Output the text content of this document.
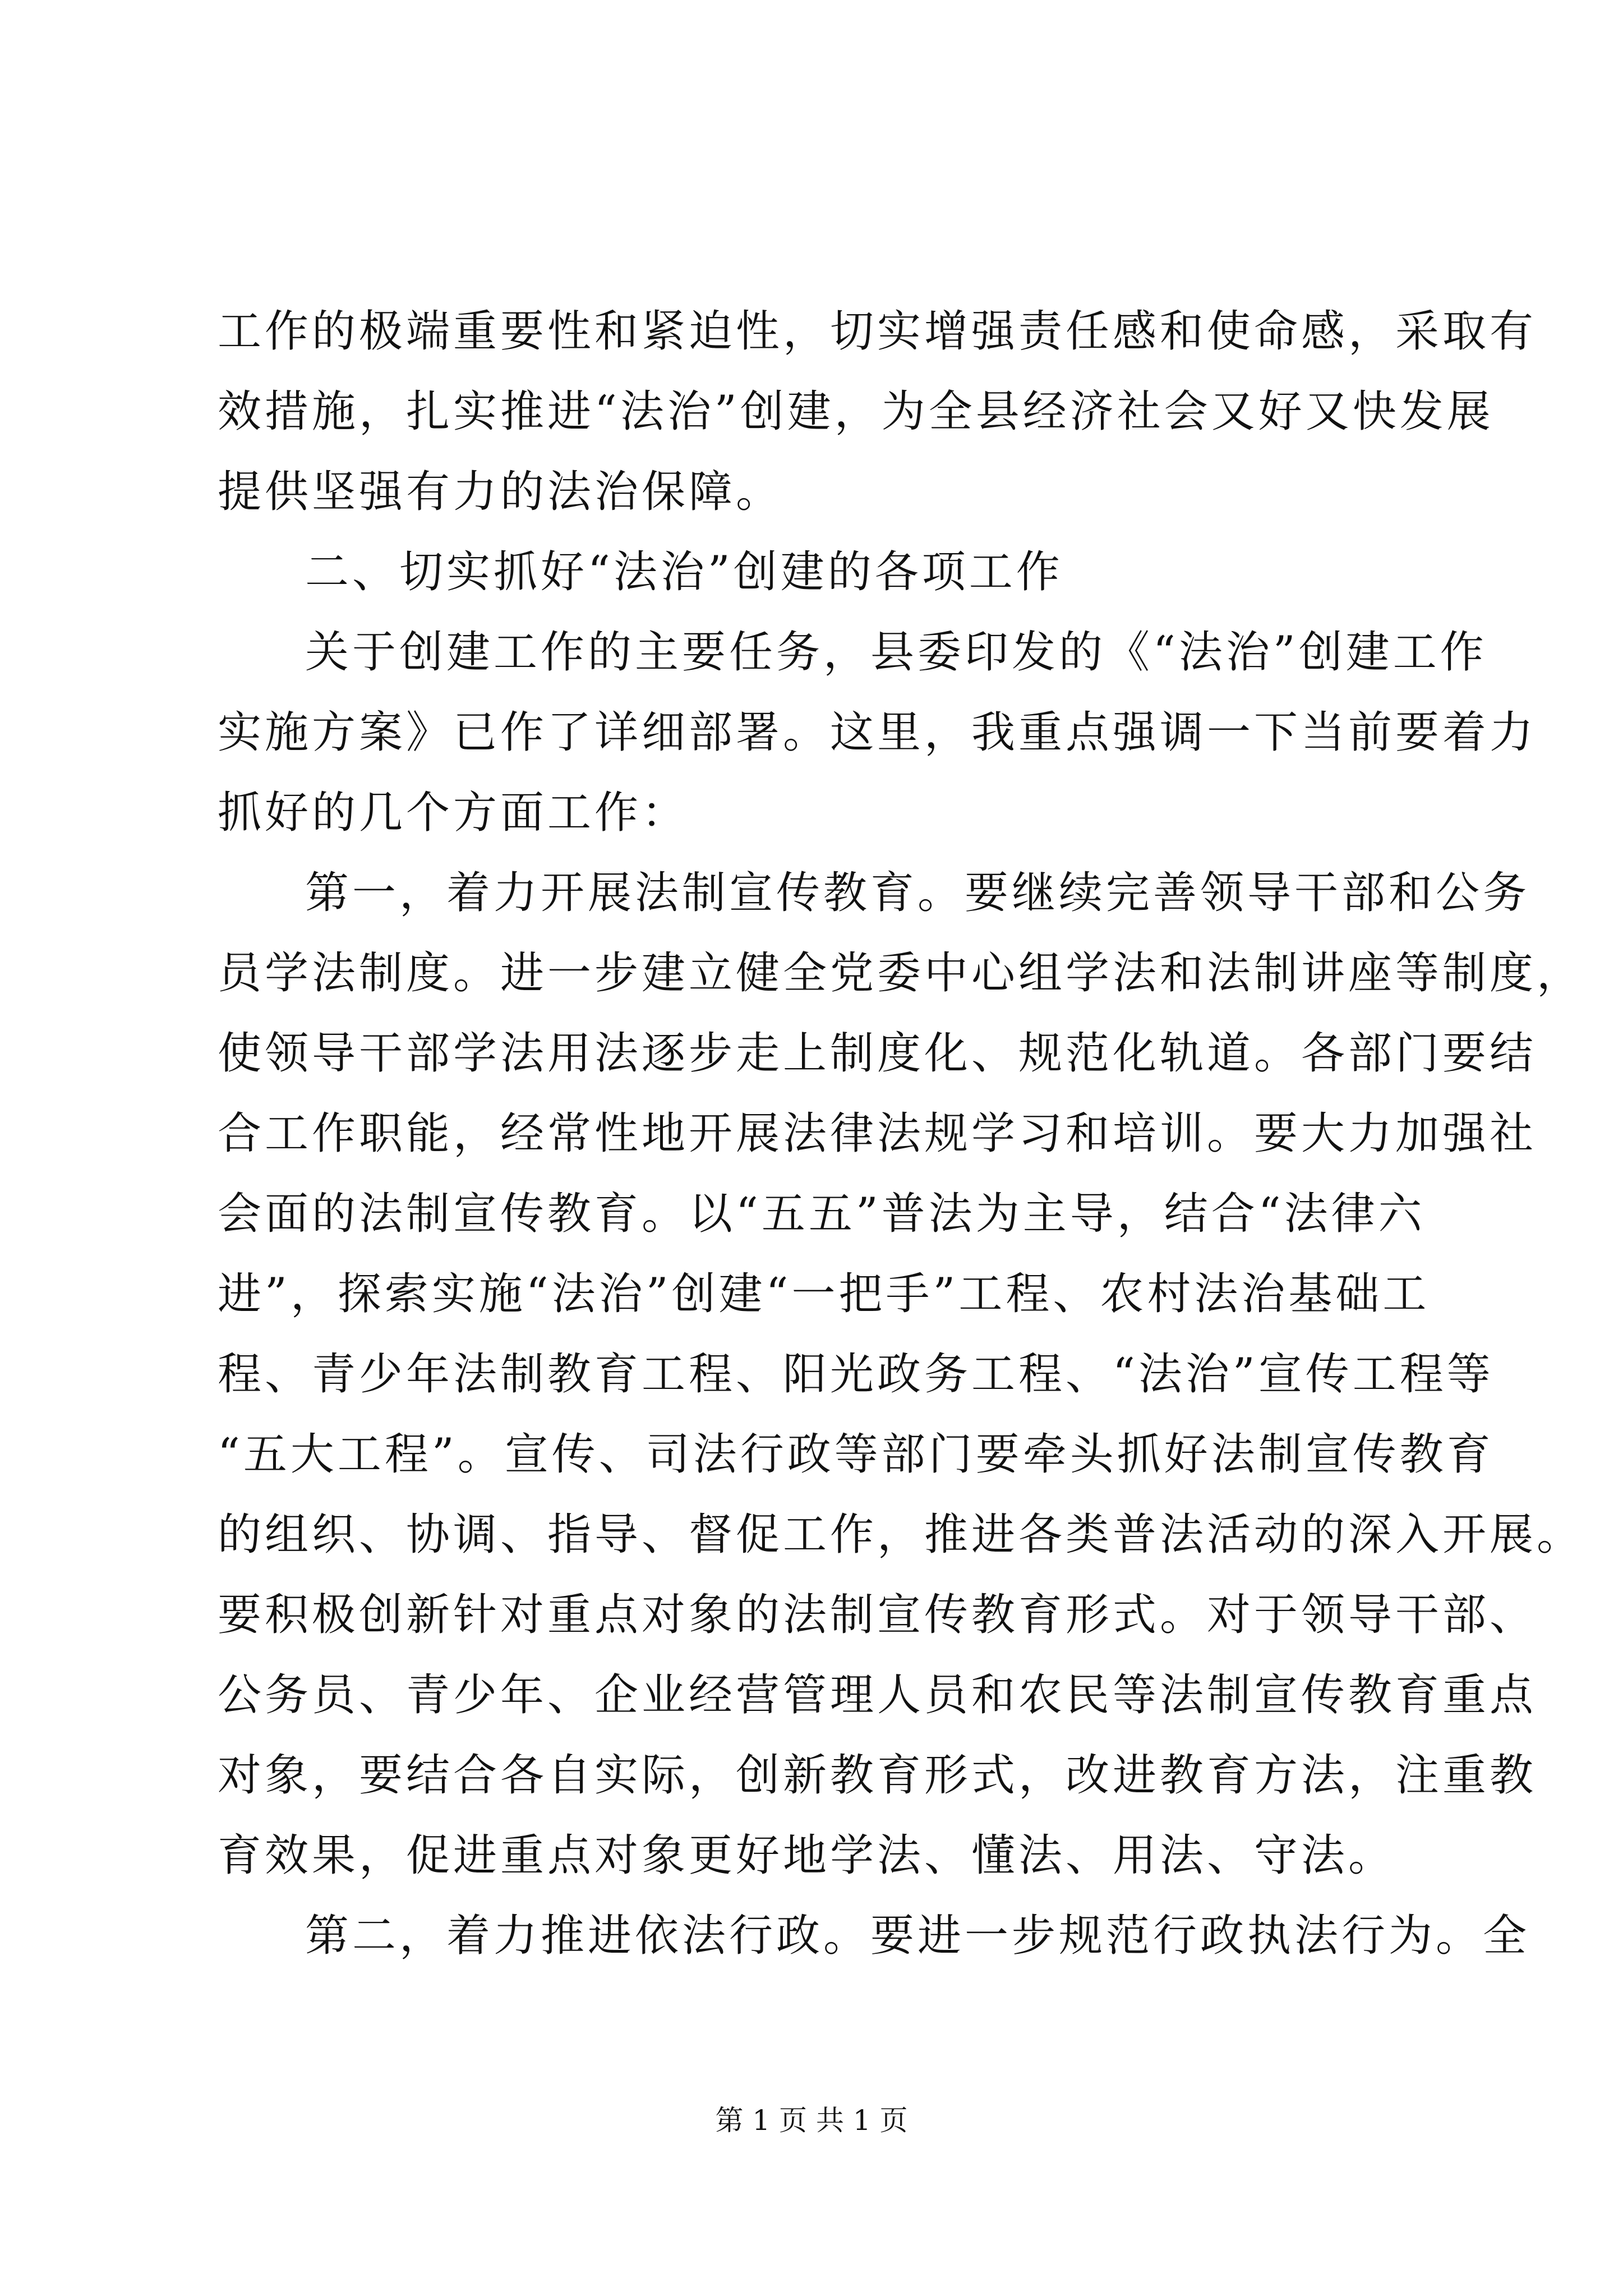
工作的极端重要性和紧迫性，切实增强责任感和使命感，采取有
效措施，扎实推进“法治”创建，为全县经济社会又好又快发展
提供坚强有力的法治保障。
二、切实抓好“法治”创建的各项工作
关于创建工作的主要任务，县委印发的《“法治”创建工作
实施方案》已作了详细部署。这里，我重点强调一下当前要着力
抓好的几个方面工作：
第一，着力开展法制宣传教育。要继续完善领导干部和公务
员学法制度。进一步建立健全党委中心组学法和法制讲座等制度，
使领导干部学法用法逐步走上制度化、规范化轨道。各部门要结
合工作职能，经常性地开展法律法规学习和培训。要大力加强社
会面的法制宣传教育。以“五五”普法为主导，结合“法律六
进”，探索实施“法治”创建“一把手”工程、农村法治基础工
程、青少年法制教育工程、阳光政务工程、“法治”宣传工程等
“五大工程”。宣传、司法行政等部门要牵头抓好法制宣传教育
的组织、协调、指导、督促工作，推进各类普法活动的深入开展。
要积极创新针对重点对象的法制宣传教育形式。对于领导干部、
公务员、青少年、企业经营管理人员和农民等法制宣传教育重点
对象，要结合各自实际，创新教育形式，改进教育方法，注重教
育效果，促进重点对象更好地学法、懂法、用法、守法。
第二，着力推进依法行政。要进一步规范行政执法行为。全
第 1 页 共 1 页
